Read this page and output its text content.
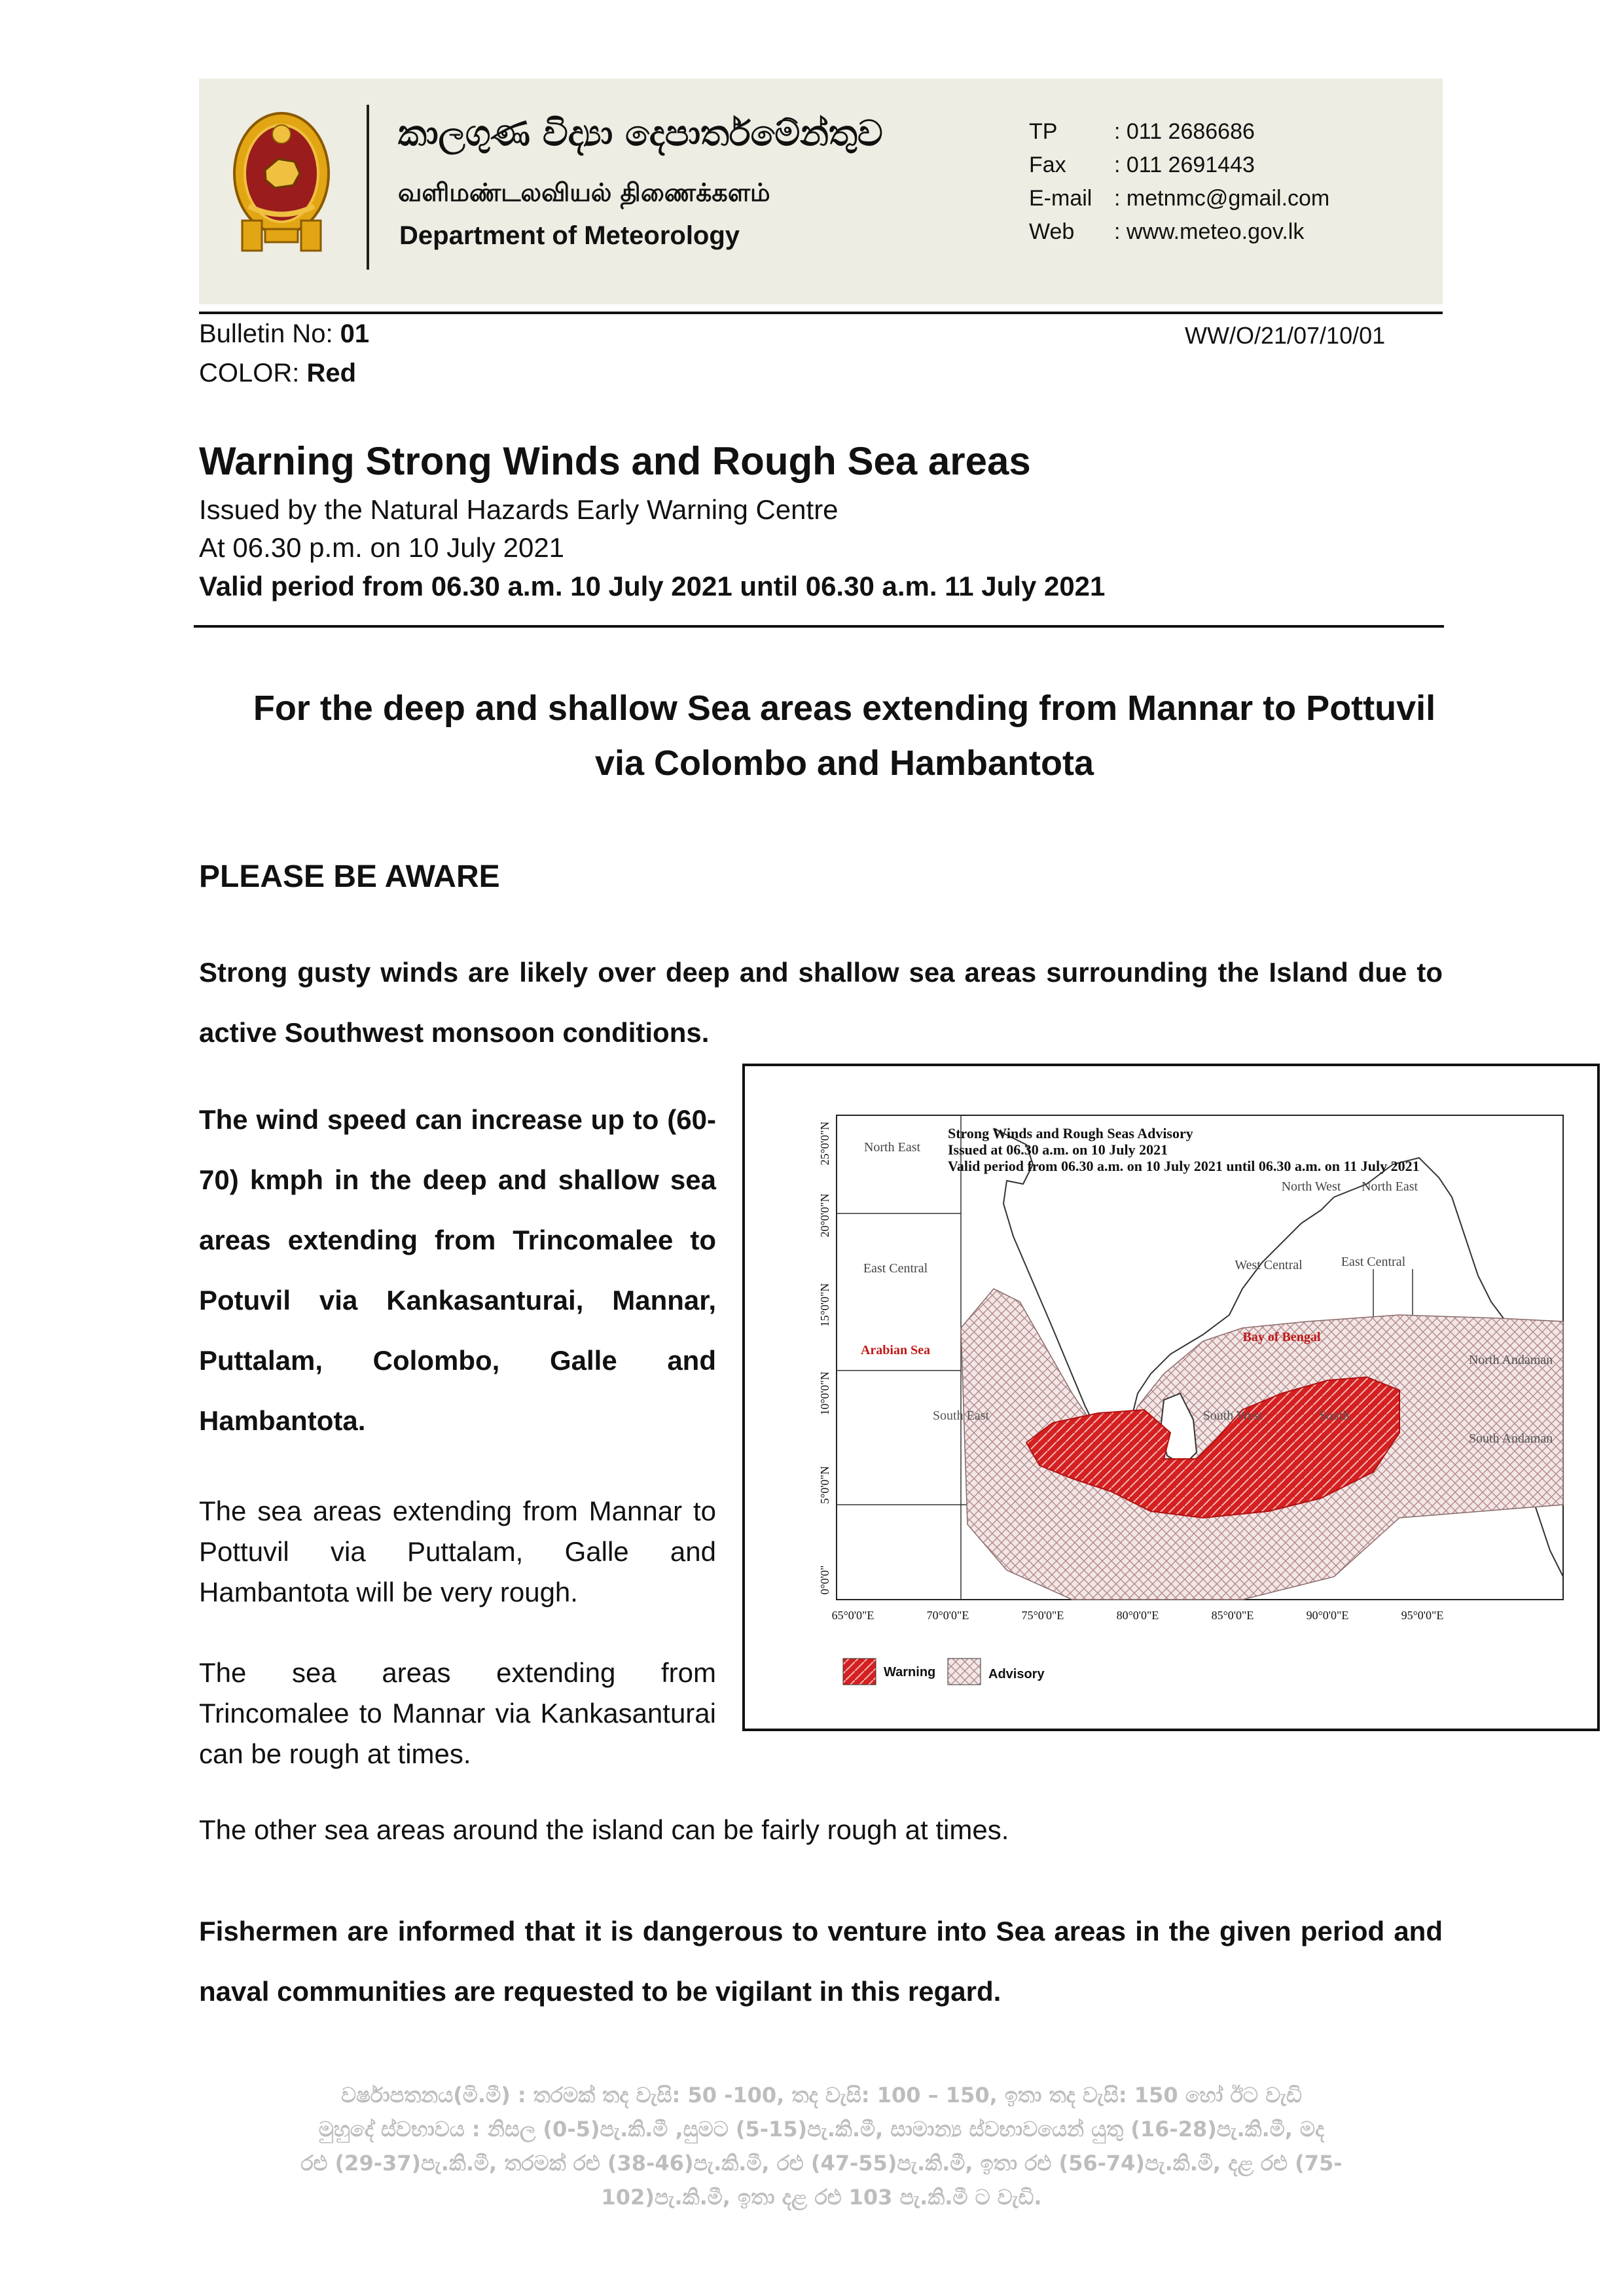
කාලගුණ විද්‍යා දෙපාර්තමේන්තුව
வளிமண்டலவியல் திணைக்களம்
Department of Meteorology
TP	: 011 2686686
Fax : 011 2691443
E-mail : metnmc@gmail.com
Web : www.meteo.gov.lk
Bulletin No: 01
COLOR: Red
WW/O/21/07/10/01
Warning Strong Winds and Rough Sea areas
Issued by the Natural Hazards Early Warning Centre
At 06.30 p.m. on 10 July 2021
Valid period from 06.30 a.m. 10 July 2021 until 06.30 a.m. 11 July 2021
For the deep and shallow Sea areas extending from Mannar to Pottuvil via Colombo and Hambantota
PLEASE BE AWARE
Strong gusty winds are likely over deep and shallow sea areas surrounding the Island due to active Southwest monsoon conditions.
The wind speed can increase up to (60-70) kmph in the deep and shallow sea areas extending from Trincomalee to Potuvil via Kankasanturai, Mannar, Puttalam, Colombo, Galle and Hambantota.
The sea areas extending from Mannar to Pottuvil via Puttalam, Galle and Hambantota will be very rough.
The sea areas extending from Trincomalee to Mannar via Kankasanturai can be rough at times.
Strong Winds and Rough Seas Advisory
Issued at 06.30 a.m. on 10 July 2021
Valid period from 06.30 a.m. on 10 July 2021 until 06.30 a.m. on 11 July 2021
North East
North West North East
East Central	West Central	East Central
Arabian Sea
Bay of Bengal
South East	South West	South
North Andaman
South Andaman
65°0'0"E	70°0'0"E	75°0'0"E	80°0'0"E	85°0'0"E	90°0'0"E	95°0'0"E
25°0'0"N
20°0'0"N
15°0'0"N
10°0'0"N
5°0'0"N
0°0'0"
Warning	Advisory
The other sea areas around the island can be fairly rough at times.
Fishermen are informed that it is dangerous to venture into Sea areas in the given period and naval communities are requested to be vigilant in this regard.
වර්ෂාපතනය(මි.මී) : තරමක් තද වැසි: 50 -100, තද වැසි: 100 – 150, ඉතා තද වැසි: 150 හෝ ඊට වැඩි
මුහුදේ ස්වභාවය : නිසල (0-5)පැ.කි.මී ,සුමට (5-15)පැ.කි.මී, සාමාන්‍ය ස්වභාවයෙන් යුතු (16-28)පැ.කි.මී, මද
රළු (29-37)පැ.කි.මී, තරමක් රළු (38-46)පැ.කි.මී, රළු (47-55)පැ.කි.මී, ඉතා රළු (56-74)පැ.කි.මී, දළ රළු (75-
102)පැ.කි.මී, ඉතා දළ රළු 103 පැ.කි.මී ට වැඩි.
